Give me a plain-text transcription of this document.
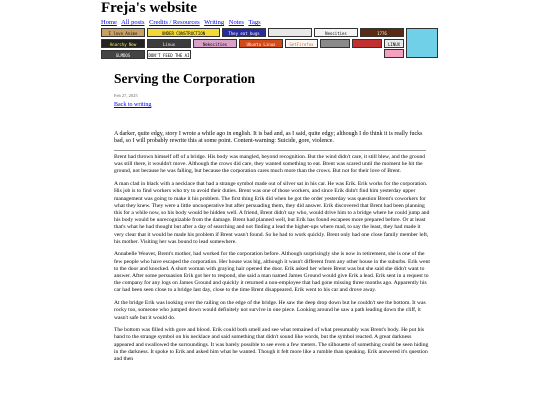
Freja's website
Home All posts Credits / Resources Writing Notes Tags
I love Anime	UNDER CONSTRUCTION	They eat bugs	Neocities	1776
Anarchy Now	Linux	Nekocities	Ubuntu Linux	GetFirefox	LINUX
GLMDOS	DON'T FEED THE AI
Serving the Corporation
Feb 27, 2025
Back to writing
A darker, quite edgy, story I wrote a while ago in english. It is bad and, as I said, quite edgy; although I do think it is really fucks bad, so I will probably rewrite this at some point. Content-warning: Suicide, gore, violence.

Brent had thrown himself off of a bridge. His body was mangled, beyond recognition. But the wind didn't care, it still blew, and the ground was still there, it wouldn't move. Although the crows did care, they wanted something to eat. Brent was scared until the moment he hit the ground, not because he was falling, but because the corporation cares much more than the crows. But not for their love of Brent.

A man clad in black with a necklace that had a strange symbol made out of silver sat in his car. He was Erik. Erik works for the corporation. His job is to find workers who try to avoid their duties. Brent was one of those workers, and since Erik didn't find him yesterday upper management was going to make it his problem. The first thing Erik did when he got the order yesterday was question Brent's coworkers for what they knew. They were a little uncooperative but after persuading them, they did answer. Erik discovered that Brent had been planning this for a while now, so his body would be hidden well. A friend, Brent didn't say who, would drive him to a bridge where he could jump and his body would be unrecognizable from the damage. Brent had planned well, but Erik has found escapees more prepared before. Or at least that's what he had thought but after a day of searching and not finding a lead the higher-ups where mad, to say the least, they had made it very clear that it would be made his problem if Brent wasn't found. So he had to work quickly. Brent only had one close family member left, his mother. Visiting her was bound to lead somewhere.

Annabelle Weaver, Brent's mother, had worked for the corporation before. Although surprisingly she is now in retirement, she is one of the few people who have escaped the corporation. Her house was big, although it wasn't different from any other house in the suburbs. Erik went to the door and knocked. A short woman with graying hair opened the door. Erik asked her where Brent was but she said she didn't want to answer. After some persuasion Erik got her to respond, she said a man named James Ground would give Erik a lead. Erik sent in a request to the company for any logs on James Ground and quickly it returned a non-employee that had gone missing three months ago. Apparently his car had been seen close to a bridge last day, close to the time Brent disappeared. Erik went to his car and drove away.

At the bridge Erik was looking over the railing on the edge of the bridge. He saw the deep drop down but he couldn't see the bottom. It was rocky too, someone who jumped down would definitely not survive in one piece. Looking around he saw a path leading down the cliff, it wasn't safe but it would do.

The bottom was filled with gore and blood. Erik could both smell and see what remained of what presumably was Brent's body. He put his hand to the strange symbol on his necklace and said something that didn't sound like words, but the symbol reacted. A great darkness appeared and swallowed the surroundings. It was barely possible to see even a few meters. The silhouette of something could be seen hiding in the darkness. It spoke to Erik and asked him what he wanted. Though it felt more like a rumble than speaking. Erik answered it's question and then
